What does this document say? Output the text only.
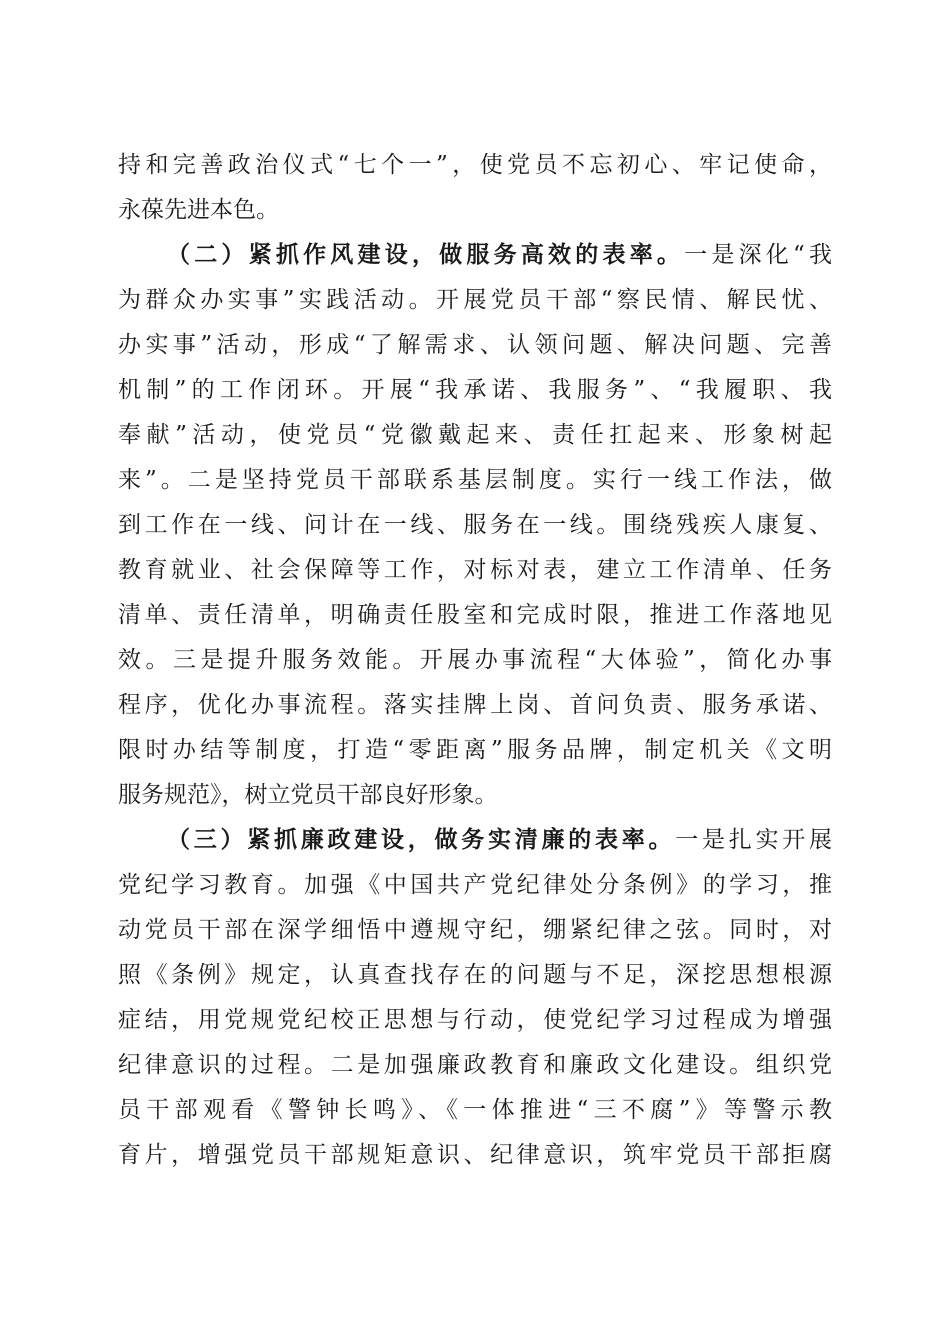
持和完善政治仪式“七个一”，使党员不忘初心、牢记使命，
永葆先进本色。
（二）紧抓作风建设，做服务高效的表率。一是深化“我
为群众办实事”实践活动。开展党员干部“察民情、解民忧、
办实事”活动，形成“了解需求、认领问题、解决问题、完善
机制”的工作闭环。开展“我承诺、我服务”、“我履职、我
奉献”活动，使党员“党徽戴起来、责任扛起来、形象树起
来”。二是坚持党员干部联系基层制度。实行一线工作法，做
到工作在一线、问计在一线、服务在一线。围绕残疾人康复、
教育就业、社会保障等工作，对标对表，建立工作清单、任务
清单、责任清单，明确责任股室和完成时限，推进工作落地见
效。三是提升服务效能。开展办事流程“大体验”，简化办事
程序，优化办事流程。落实挂牌上岗、首问负责、服务承诺、
限时办结等制度，打造“零距离”服务品牌，制定机关《文明
服务规范》，树立党员干部良好形象。
（三）紧抓廉政建设，做务实清廉的表率。一是扎实开展
党纪学习教育。加强《中国共产党纪律处分条例》的学习，推
动党员干部在深学细悟中遵规守纪，绷紧纪律之弦。同时，对
照《条例》规定，认真查找存在的问题与不足，深挖思想根源
症结，用党规党纪校正思想与行动，使党纪学习过程成为增强
纪律意识的过程。二是加强廉政教育和廉政文化建设。组织党
员干部观看《警钟长鸣》、《一体推进“三不腐”》等警示教
育片，增强党员干部规矩意识、纪律意识，筑牢党员干部拒腐
